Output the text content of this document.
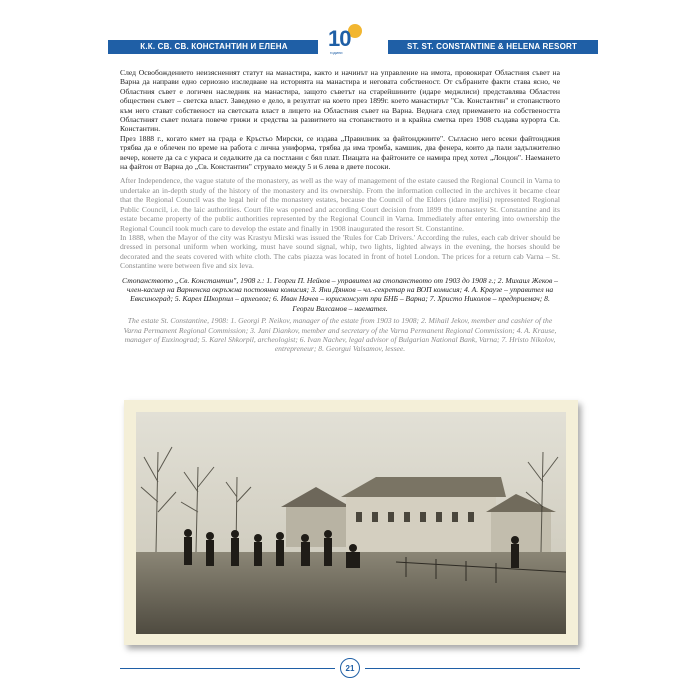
К.К. СВ. СВ. КОНСТАНТИН И ЕЛЕНА	ST. ST. CONSTANTINE & HELENA RESORT
10
години

След Освобождението неизясненият статут на манастира, както и начинът на управление на имота, провокират Областния съвет на Варна да направи едно сериозно изследване на историята на манастира и неговата собственост. От събраните факти става ясно, че Областния съвет е логичен наследник на манастира, защото съветът на старейшините (идаре меджлиси) представлява Областен обществен съвет – светска власт. Заведено е дело, в резултат на което през 1899г. което манастирът "Св. Константин" и стопанството към него стават собственост на светската власт в лицето на Областния съвет на Варна. Веднага след приемането на собствеността Областният съвет полага повече грижи и средства за развитието на стопанството и в крайна сметка през 1908 създава курорта Св. Константин.

През 1888 г., когато кмет на града е Кръстьо Мирски, се издава „Правилник за файтонджиите". Съгласно него всеки файтонджия трябва да е облечен по време на работа с лична униформа, трябва да има тромба, камшик, два фенера, които да пали задължително вечер, конете да са с украса и седалките да са постлани с бял плат. Пиацата на файтоните се намира пред хотел „Лондон". Наемането на файтон от Варна до „Св. Константин" струвало между 5 и 6 лева в двете посоки.

After Independence, the vague statute of the monastery, as well as the way of management of the estate caused the Regional Council in Varna to undertake an in-depth study of the history of the monastery and its ownership. From the information collected in the archives it became clear that the Regional Council was the legal heir of the monastery estates, because the Council of the Elders (idare mejlisi) represented Regional Public Council, i.e. the laic authorities. Court file was opened and according Court decision from 1899 the monastery St. Constantine and its estate became property of the public authorities represented by the Regional Council in Varna. Immediately after entering into ownership the Regional Council took much care to develop the estate and finally in 1908 inaugurated the resort St. Constantine.

In 1888, when the Mayor of the city was Krastyu Mirski was issued the 'Rules for Cab Drivers.' According the rules, each cab driver should be dressed in personal uniform when working, must have sound signal, whip, two lights, lighted always in the evening, the horses should be decorated and the seats covered with white cloth. The cabs piazza was located in front of hotel London. The prices for a return cab Varna – St. Constantine were between five and six leva.

Стопанството „Св. Константин", 1908 г.: 1. Георги П. Нейков – управител на стопанството от 1903 до 1908 г.; 2. Михаил Жеков – член-касиер на Варненска окръжна постоянна комисия; 3. Яни Дянков – чл.-секретар на ВОП комисия; 4. А. Краузе – управител на Евксиноград; 5. Карел Шкорпил – археолог; 6. Иван Начев – юрисконсулт при БНБ – Варна; 7. Христо Николов – предприемач; 8. Георги Валсамов – наемател.

The estate St. Constantine, 1908: 1. Georgi P. Neikov, manager of the estate from 1903 to 1908; 2. Mihail Jekov, member and cashier of the Varna Permanent Regional Commission; 3. Jani Diankov, member and secretary of the Varna Permanent Regional Commission; 4. A. Krause, manager of Euxinograd; 5. Karel Shkorpil, archeologist; 6. Ivan Nachev, legal advisor of Bulgarian National Bank, Varna; 7. Hristo Nikolov, entrepreneur; 8. Georgui Valsamov, lessee.

21
